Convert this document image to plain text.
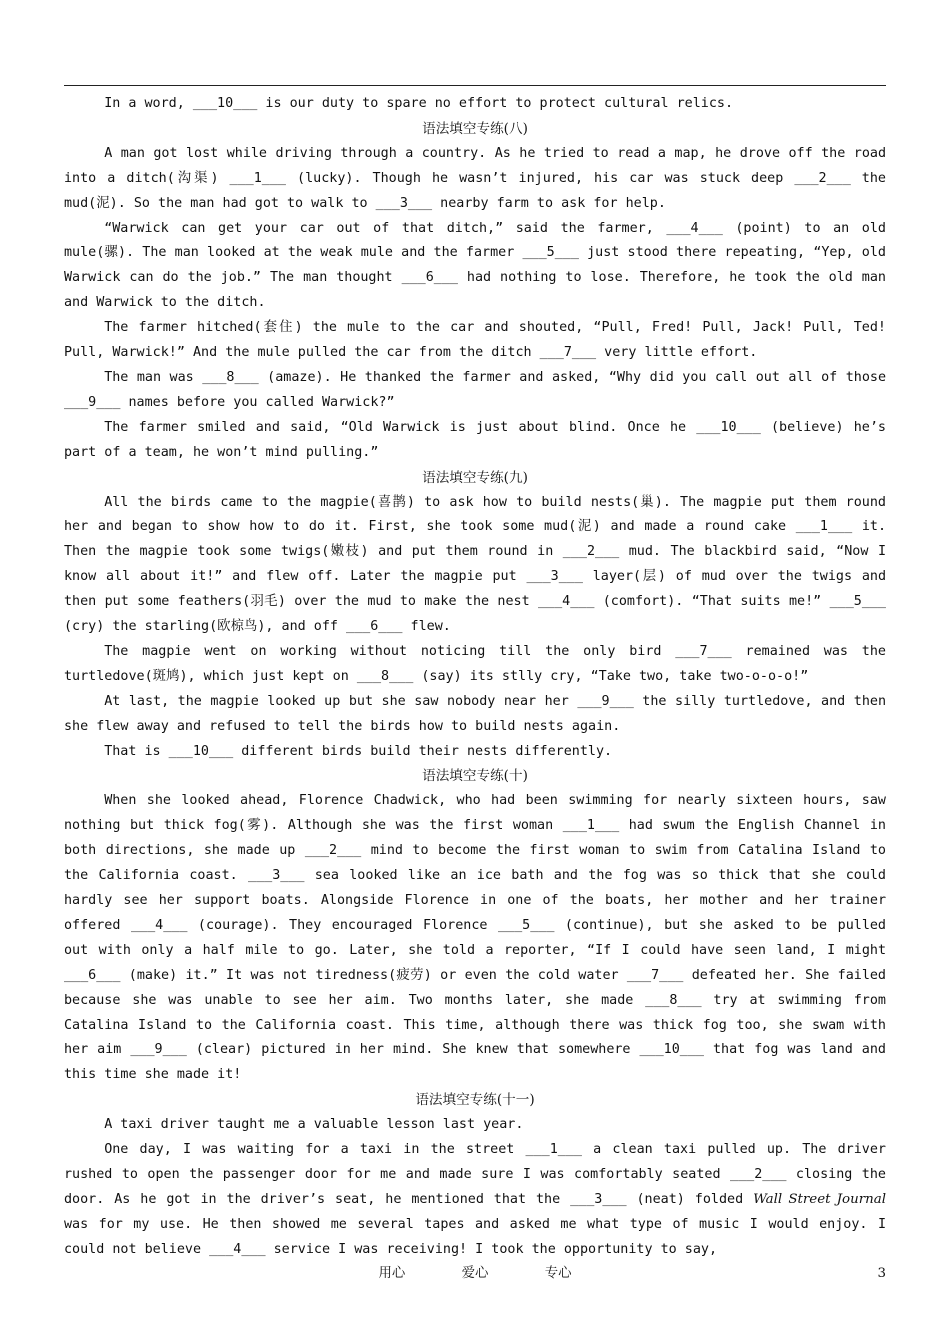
In a word, ___10___ is our duty to spare no effort to protect cultural relics.

语法填空专练(八)

A man got lost while driving through a country. As he tried to read a map, he drove off the road into a ditch(沟渠) ___1___ (lucky). Though he wasn’t injured, his car was stuck deep ___2___ the mud(泥). So the man had got to walk to ___3___ nearby farm to ask for help.

“Warwick can get your car out of that ditch,” said the farmer, ___4___ (point) to an old mule(骡). The man looked at the weak mule and the farmer ___5___ just stood there repeating, “Yep, old Warwick can do the job.” The man thought ___6___ had nothing to lose. Therefore, he took the old man and Warwick to the ditch.

The farmer hitched(套住) the mule to the car and shouted, “Pull, Fred! Pull, Jack! Pull, Ted! Pull, Warwick!” And the mule pulled the car from the ditch ___7___ very little effort.

The man was ___8___ (amaze). He thanked the farmer and asked, “Why did you call out all of those ___9___ names before you called Warwick?”

The farmer smiled and said, “Old Warwick is just about blind. Once he ___10___ (believe) he’s part of a team, he won’t mind pulling.”

语法填空专练(九)

All the birds came to the magpie(喜鹊) to ask how to build nests(巢). The magpie put them round her and began to show how to do it. First, she took some mud(泥) and made a round cake ___1___ it. Then the magpie took some twigs(嫩枝) and put them round in ___2___ mud. The blackbird said, “Now I know all about it!” and flew off. Later the magpie put ___3___ layer(层) of mud over the twigs and then put some feathers(羽毛) over the mud to make the nest ___4___ (comfort). “That suits me!” ___5___ (cry) the starling(欧椋鸟), and off ___6___ flew.

The magpie went on working without noticing till the only bird ___7___ remained was the turtledove(斑鸠), which just kept on ___8___ (say) its stlly cry, “Take two, take two-o-o-o!”

At last, the magpie looked up but she saw nobody near her ___9___ the silly turtledove, and then she flew away and refused to tell the birds how to build nests again.

That is ___10___ different birds build their nests differently.

语法填空专练(十)

When she looked ahead, Florence Chadwick, who had been swimming for nearly sixteen hours, saw nothing but thick fog(雾). Although she was the first woman ___1___ had swum the English Channel in both directions, she made up ___2___ mind to become the first woman to swim from Catalina Island to the California coast. ___3___ sea looked like an ice bath and the fog was so thick that she could hardly see her support boats. Alongside Florence in one of the boats, her mother and her trainer offered ___4___ (courage). They encouraged Florence ___5___ (continue), but she asked to be pulled out with only a half mile to go. Later, she told a reporter, “If I could have seen land, I might ___6___ (make) it.” It was not tiredness(疲劳) or even the cold water ___7___ defeated her. She failed because she was unable to see her aim. Two months later, she made ___8___ try at swimming from Catalina Island to the California coast. This time, although there was thick fog too, she swam with her aim ___9___ (clear) pictured in her mind. She knew that somewhere ___10___ that fog was land and this time she made it!

语法填空专练(十一)

A taxi driver taught me a valuable lesson last year.

One day, I was waiting for a taxi in the street ___1___ a clean taxi pulled up. The driver rushed to open the passenger door for me and made sure I was comfortably seated ___2___ closing the door. As he got in the driver’s seat, he mentioned that the ___3___ (neat) folded Wall Street Journal was for my use. He then showed me several tapes and asked me what type of music I would enjoy. I could not believe ___4___ service I was receiving! I took the opportunity to say,

用心	爱心	专心	3
